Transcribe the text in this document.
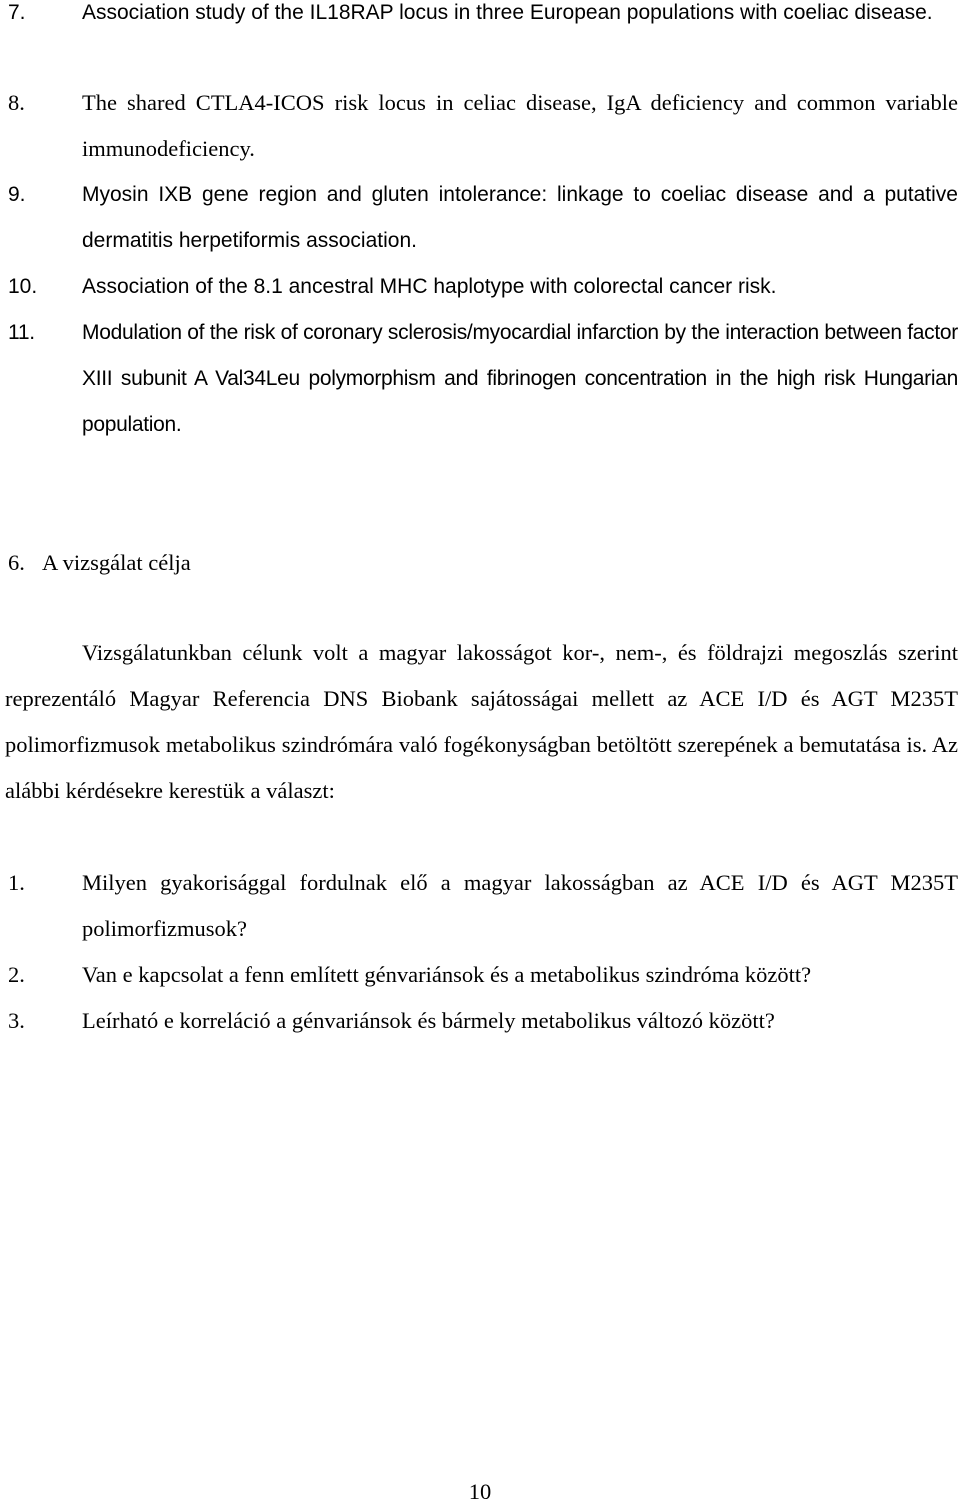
7.	Association study of the IL18RAP locus in three European populations with coeliac disease.
8.	The shared CTLA4-ICOS risk locus in celiac disease, IgA deficiency and common variable immunodeficiency.
9.	Myosin IXB gene region and gluten intolerance: linkage to coeliac disease and a putative dermatitis herpetiformis association.
10. Association of the 8.1 ancestral MHC haplotype with colorectal cancer risk.
11. Modulation of the risk of coronary sclerosis/myocardial infarction by the interaction between factor XIII subunit A Val34Leu polymorphism and fibrinogen concentration in the high risk Hungarian population.
6. A vizsgálat célja
Vizsgálatunkban célunk volt a magyar lakosságot kor-, nem-, és földrajzi megoszlás szerint reprezentáló Magyar Referencia DNS Biobank sajátosságai mellett az ACE I/D és AGT M235T polimorfizmusok metabolikus szindrómára való fogékonyságban betöltött szerepének a bemutatása is. Az alábbi kérdésekre kerestük a választ:
1.	Milyen gyakorisággal fordulnak elő a magyar lakosságban az ACE I/D és AGT M235T polimorfizmusok?
2.	Van e kapcsolat a fenn említett génvariánsok és a metabolikus szindróma között?
3.	Leírható e korreláció a génvariánsok és bármely metabolikus változó között?
10
